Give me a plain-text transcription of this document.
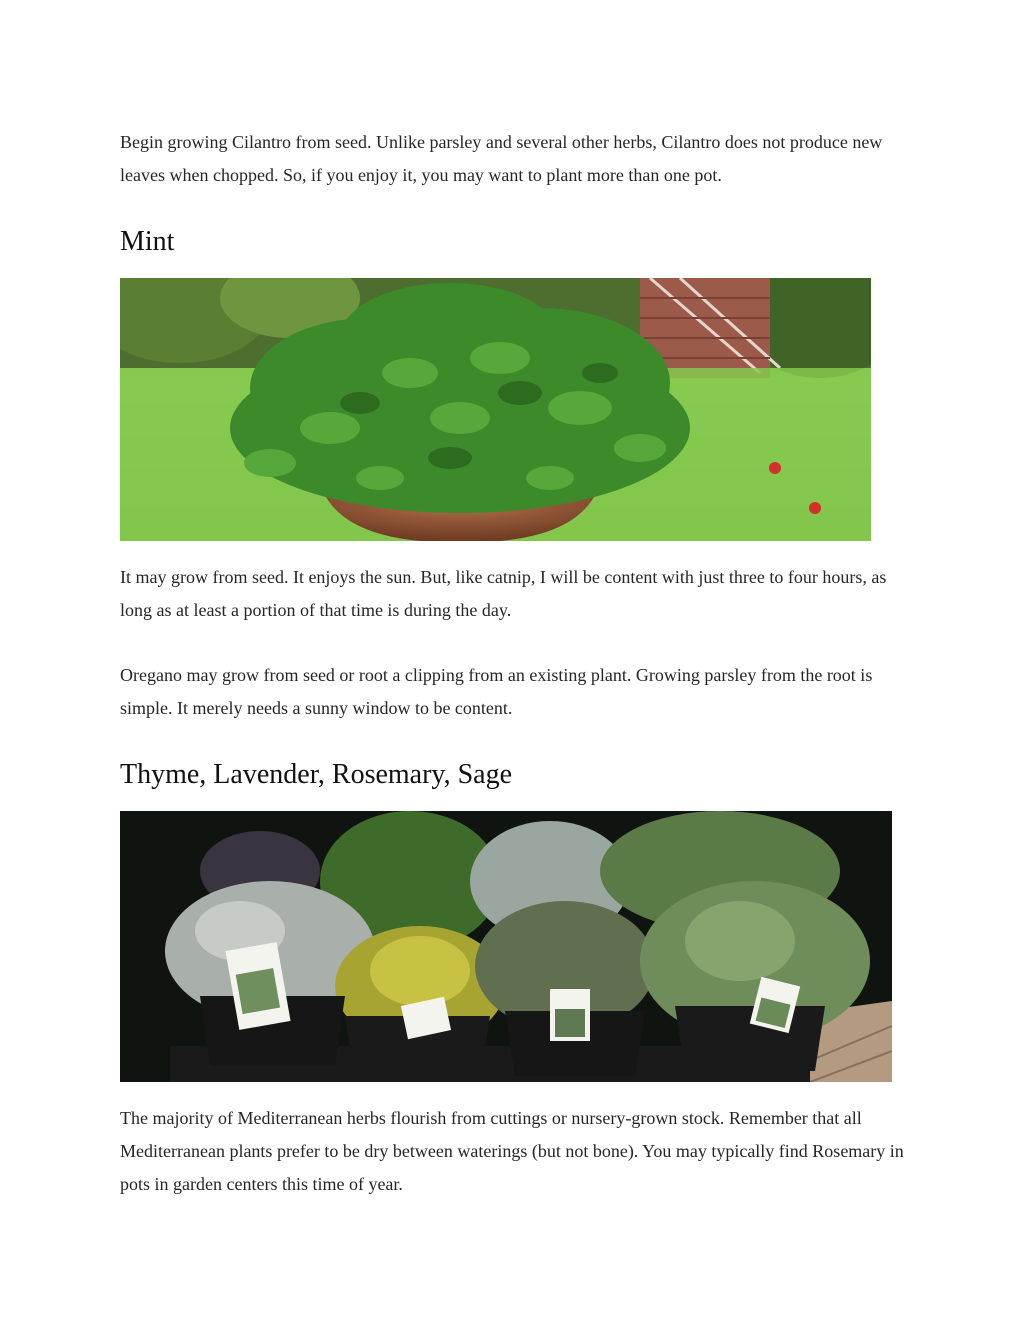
Begin growing Cilantro from seed. Unlike parsley and several other herbs, Cilantro does not produce new leaves when chopped. So, if you enjoy it, you may want to plant more than one pot.

Mint

It may grow from seed. It enjoys the sun. But, like catnip, I will be content with just three to four hours, as long as at least a portion of that time is during the day.

Oregano may grow from seed or root a clipping from an existing plant. Growing parsley from the root is simple. It merely needs a sunny window to be content.

Thyme, Lavender, Rosemary, Sage

The majority of Mediterranean herbs flourish from cuttings or nursery-grown stock. Remember that all Mediterranean plants prefer to be dry between waterings (but not bone). You may typically find Rosemary in pots in garden centers this time of year.
